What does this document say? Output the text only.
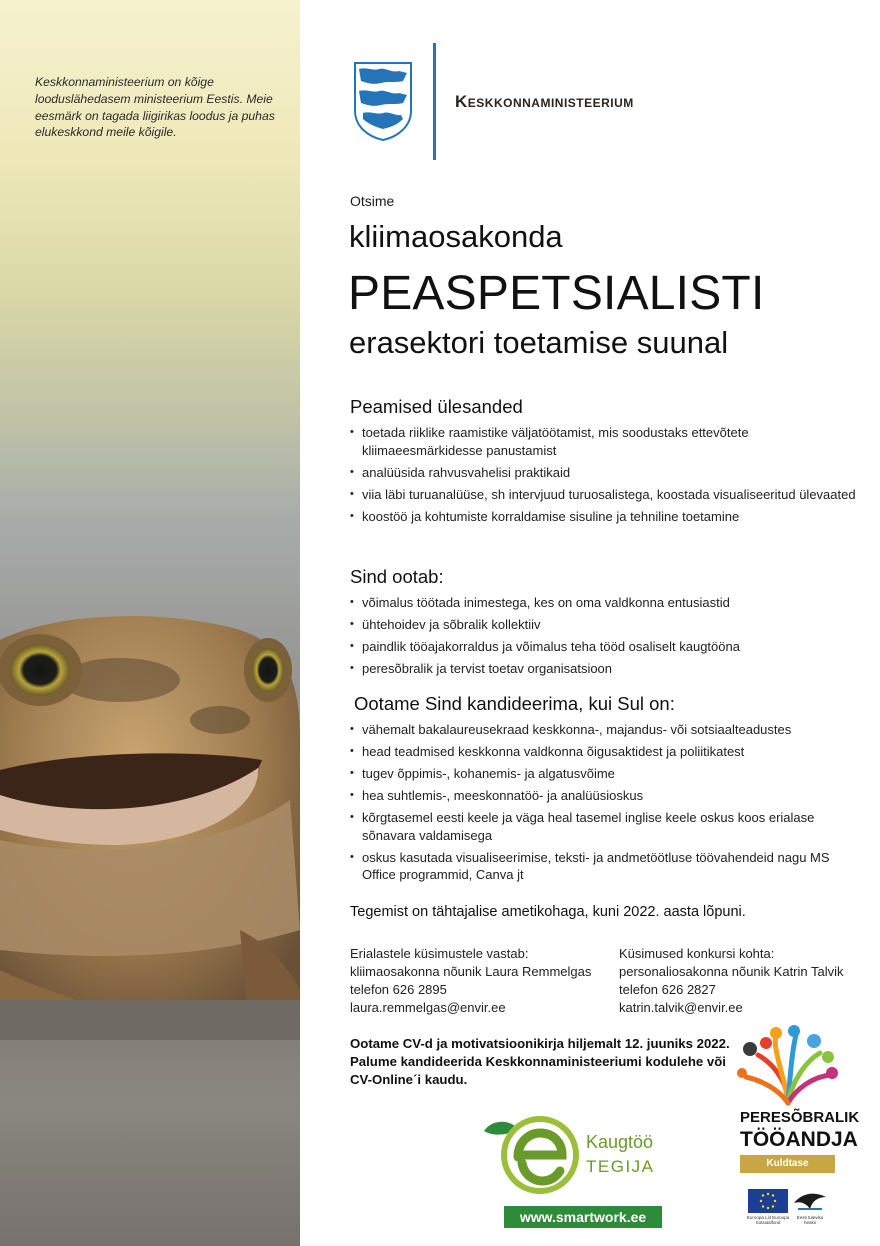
Keskkonnaministeerium on kõige looduslähedasem ministeerium Eestis. Meie eesmärk on tagada liigirikas loodus ja puhas elukeskkond meile kõigile.

Keskkonnaministeerium
Otsime
kliimaosakonda
PEASPETSIALISTI
erasektori toetamise suunal
Peamised ülesanded
• toetada riiklike raamistike väljatöötamist, mis soodustaks ettevõtete kliimaeesmärkidesse panustamist
• analüüsida rahvusvahelisi praktikaid
• viia läbi turuanalüüse, sh intervjuud turuosalistega, koostada visualiseeritud ülevaated
• koostöö ja kohtumiste korraldamise sisuline ja tehniline toetamine
Sind ootab:
• võimalus töötada inimestega, kes on oma valdkonna entusiastid
• ühtehoidev ja sõbralik kollektiiv
• paindlik tööajakorraldus ja võimalus teha tööd osaliselt kaugtööna
• peresõbralik ja tervist toetav organisatsioon
Ootame Sind kandideerima, kui Sul on:
• vähemalt bakalaureusekraad keskkonna-, majandus- või sotsiaalteadustes
• head teadmised keskkonna valdkonna õigusaktidest ja poliitikatest
• tugev õppimis-, kohanemis- ja algatusvõime
• hea suhtlemis-, meeskonnatöö- ja analüüsioskus
• kõrgtasemel eesti keele ja väga heal tasemel inglise keele oskus koos erialase sõnavara valdamisega
• oskus kasutada visualiseerimise, teksti- ja andmetöötluse töövahendeid nagu MS Office programmid, Canva jt
Tegemist on tähtajalise ametikohaga, kuni 2022. aasta lõpuni.
Erialastele küsimustele vastab:
kliimaosakonna nõunik Laura Remmelgas
telefon 626 2895
laura.remmelgas@envir.ee
Küsimused konkursi kohta:
personaliosakonna nõunik Katrin Talvik
telefon 626 2827
katrin.talvik@envir.ee
Ootame CV-d ja motivatsioonikirja hiljemalt 12. juuniks 2022.
Palume kandideerida Keskkonnaministeeriumi kodulehe või
CV-Online´i kaudu.
Kaugtöö
TEGIJA
www.smartwork.ee
PERESÕBRALIK
TÖÖANDJA
Kuldtase
Euroopa Liit Euroopa Sotsiaalfond
Eesti tuleviku heaks
